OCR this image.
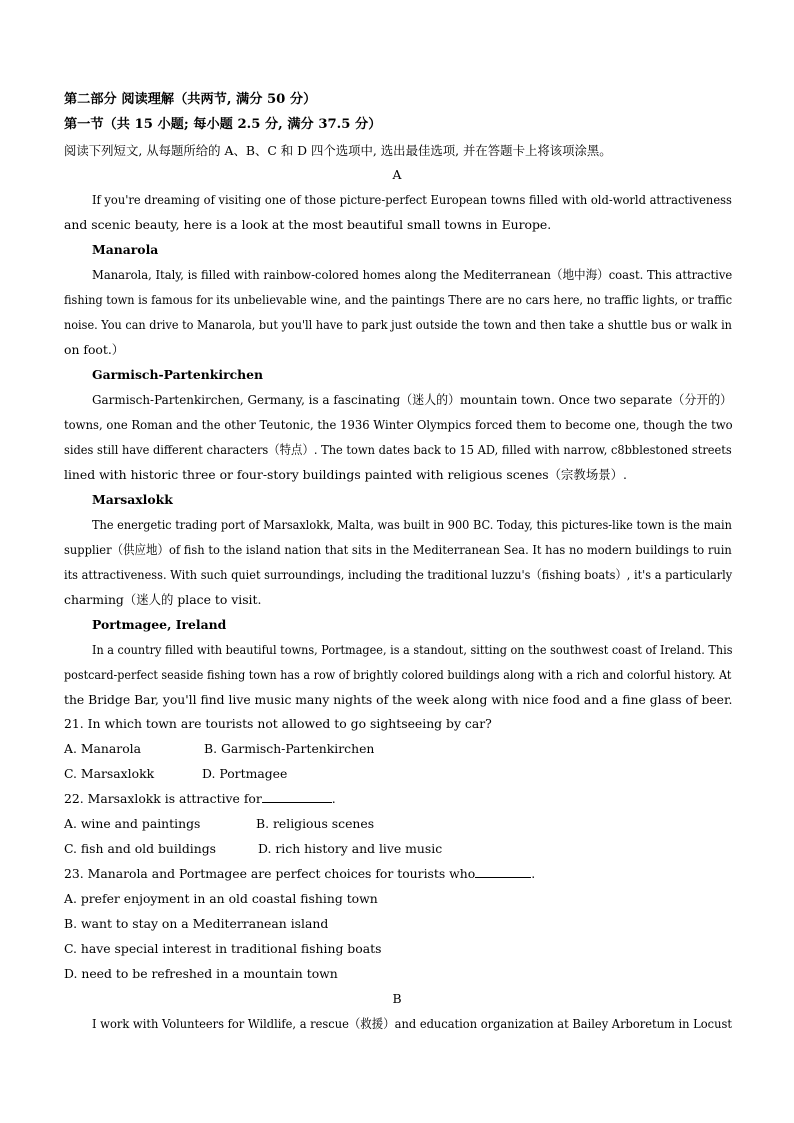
第二部分 阅读理解（共两节, 满分 50 分）
第一节（共 15 小题; 每小题 2.5 分, 满分 37.5 分）
阅读下列短文, 从每题所给的 A、B、C 和 D 四个选项中, 选出最佳选项, 并在答题卡上将该项涂黑。
A
If you're dreaming of visiting one of those picture-perfect European towns filled with old-world attractiveness
and scenic beauty, here is a look at the most beautiful small towns in Europe.
Manarola
Manarola, Italy, is filled with rainbow-colored homes along the Mediterranean（地中海）coast. This attractive
fishing town is famous for its unbelievable wine, and the paintings There are no cars here, no traffic lights, or traffic
noise. You can drive to Manarola, but you'll have to park just outside the town and then take a shuttle bus or walk in
on foot.）
Garmisch-Partenkirchen
Garmisch-Partenkirchen, Germany, is a fascinating（迷人的）mountain town. Once two separate（分开的）
towns, one Roman and the other Teutonic, the 1936 Winter Olympics forced them to become one, though the two
sides still have different characters（特点）. The town dates back to 15 AD, filled with narrow, c8bblestoned streets
lined with historic three or four-story buildings painted with religious scenes（宗教场景）.
Marsaxlokk
The energetic trading port of Marsaxlokk, Malta, was built in 900 BC. Today, this pictures-like town is the main
supplier（供应地）of fish to the island nation that sits in the Mediterranean Sea. It has no modern buildings to ruin
its attractiveness. With such quiet surroundings, including the traditional luzzu's（fishing boats）, it's a particularly
charming（迷人的 place to visit.
Portmagee, Ireland
In a country filled with beautiful towns, Portmagee, is a standout, sitting on the southwest coast of Ireland. This
postcard-perfect seaside fishing town has a row of brightly colored buildings along with a rich and colorful history. At
the Bridge Bar, you'll find live music many nights of the week along with nice food and a fine glass of beer.
21. In which town are tourists not allowed to go sightseeing by car?
A. Manarola	B. Garmisch-Partenkirchen
C. Marsaxlokk	D. Portmagee
22. Marsaxlokk is attractive for	.
A. wine and paintings	B. religious scenes
C. fish and old buildings	D. rich history and live music
23. Manarola and Portmagee are perfect choices for tourists who	.
A. prefer enjoyment in an old coastal fishing town
B. want to stay on a Mediterranean island
C. have special interest in traditional fishing boats
D. need to be refreshed in a mountain town
B
I work with Volunteers for Wildlife, a rescue（救援）and education organization at Bailey Arboretum in Locust
